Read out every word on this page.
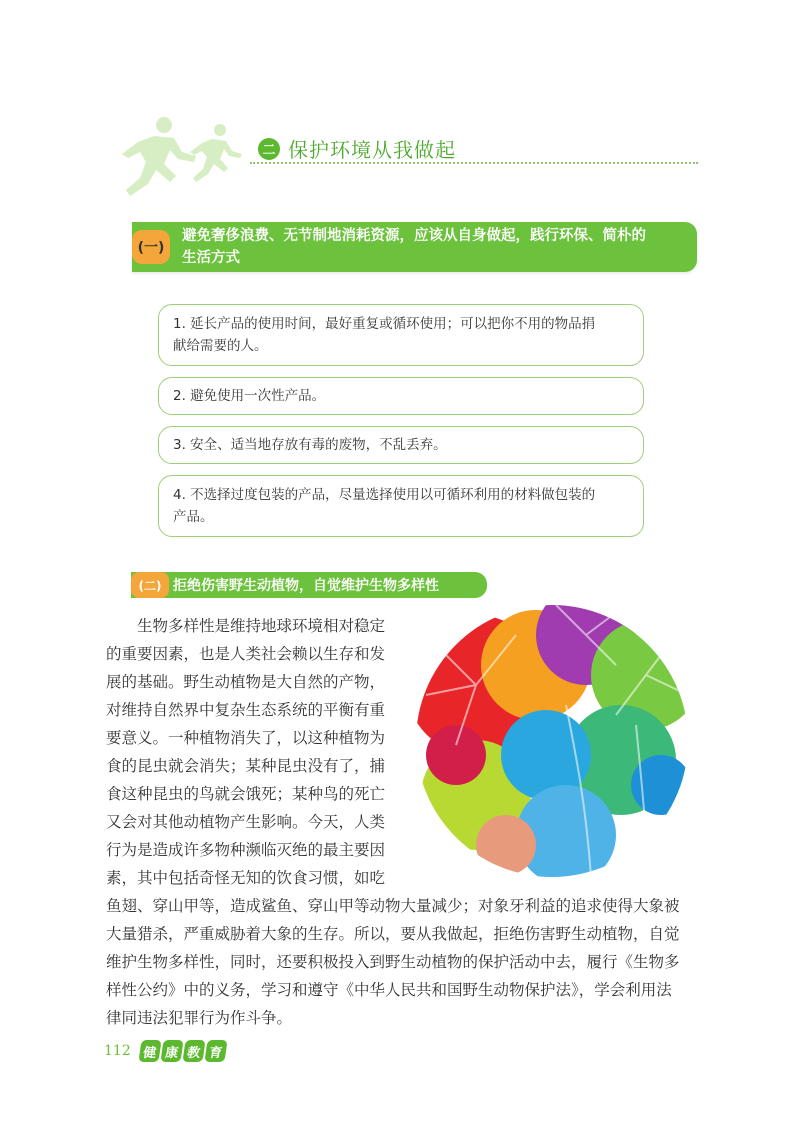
二 保护环境从我做起
(一)
避免奢侈浪费、无节制地消耗资源，应该从自身做起，践行环保、简朴的
生活方式
1. 延长产品的使用时间，最好重复或循环使用；可以把你不用的物品捐
献给需要的人。
2. 避免使用一次性产品。
3. 安全、适当地存放有毒的废物，不乱丢弃。
4. 不选择过度包装的产品，尽量选择使用以可循环利用的材料做包装的
产品。
(二) 拒绝伤害野生动植物，自觉维护生物多样性
　　生物多样性是维持地球环境相对稳定
的重要因素，也是人类社会赖以生存和发
展的基础。野生动植物是大自然的产物，
对维持自然界中复杂生态系统的平衡有重
要意义。一种植物消失了，以这种植物为
食的昆虫就会消失；某种昆虫没有了，捕
食这种昆虫的鸟就会饿死；某种鸟的死亡
又会对其他动植物产生影响。今天，人类
行为是造成许多物种濒临灭绝的最主要因
素，其中包括奇怪无知的饮食习惯，如吃
鱼翅、穿山甲等，造成鲨鱼、穿山甲等动物大量减少；对象牙利益的追求使得大象被
大量猎杀，严重威胁着大象的生存。所以，要从我做起，拒绝伤害野生动植物，自觉
维护生物多样性，同时，还要积极投入到野生动植物的保护活动中去，履行《生物多
样性公约》中的义务，学习和遵守《中华人民共和国野生动物保护法》，学会利用法
律同违法犯罪行为作斗争。
112 健 康 教 育
